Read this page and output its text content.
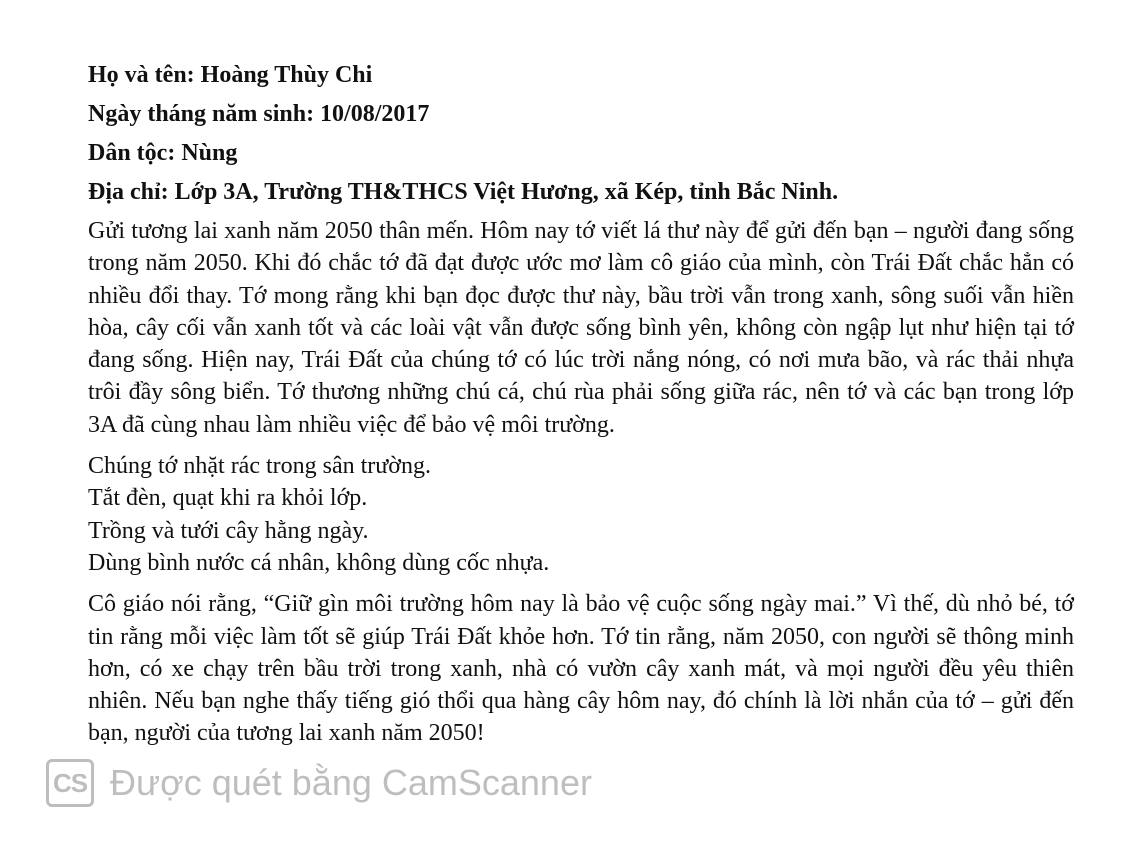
Họ và tên: Hoàng Thùy Chi
Ngày tháng năm sinh: 10/08/2017
Dân tộc: Nùng
Địa chỉ: Lớp 3A, Trường TH&THCS Việt Hương, xã Kép, tỉnh Bắc Ninh.

Gửi tương lai xanh năm 2050 thân mến. Hôm nay tớ viết lá thư này để gửi đến bạn – người đang sống trong năm 2050. Khi đó chắc tớ đã đạt được ước mơ làm cô giáo của mình, còn Trái Đất chắc hẳn có nhiều đổi thay. Tớ mong rằng khi bạn đọc được thư này, bầu trời vẫn trong xanh, sông suối vẫn hiền hòa, cây cối vẫn xanh tốt và các loài vật vẫn được sống bình yên, không còn ngập lụt như hiện tại tớ đang sống. Hiện nay, Trái Đất của chúng tớ có lúc trời nắng nóng, có nơi mưa bão, và rác thải nhựa trôi đầy sông biển. Tớ thương những chú cá, chú rùa phải sống giữa rác, nên tớ và các bạn trong lớp 3A đã cùng nhau làm nhiều việc để bảo vệ môi trường.

Chúng tớ nhặt rác trong sân trường.
Tắt đèn, quạt khi ra khỏi lớp.
Trồng và tưới cây hằng ngày.
Dùng bình nước cá nhân, không dùng cốc nhựa.

Cô giáo nói rằng, “Giữ gìn môi trường hôm nay là bảo vệ cuộc sống ngày mai.” Vì thế, dù nhỏ bé, tớ tin rằng mỗi việc làm tốt sẽ giúp Trái Đất khỏe hơn. Tớ tin rằng, năm 2050, con người sẽ thông minh hơn, có xe chạy trên bầu trời trong xanh, nhà có vườn cây xanh mát, và mọi người đều yêu thiên nhiên. Nếu bạn nghe thấy tiếng gió thổi qua hàng cây hôm nay, đó chính là lời nhắn của tớ – gửi đến bạn, người của tương lai xanh năm 2050!

CS Được quét bằng CamScanner
